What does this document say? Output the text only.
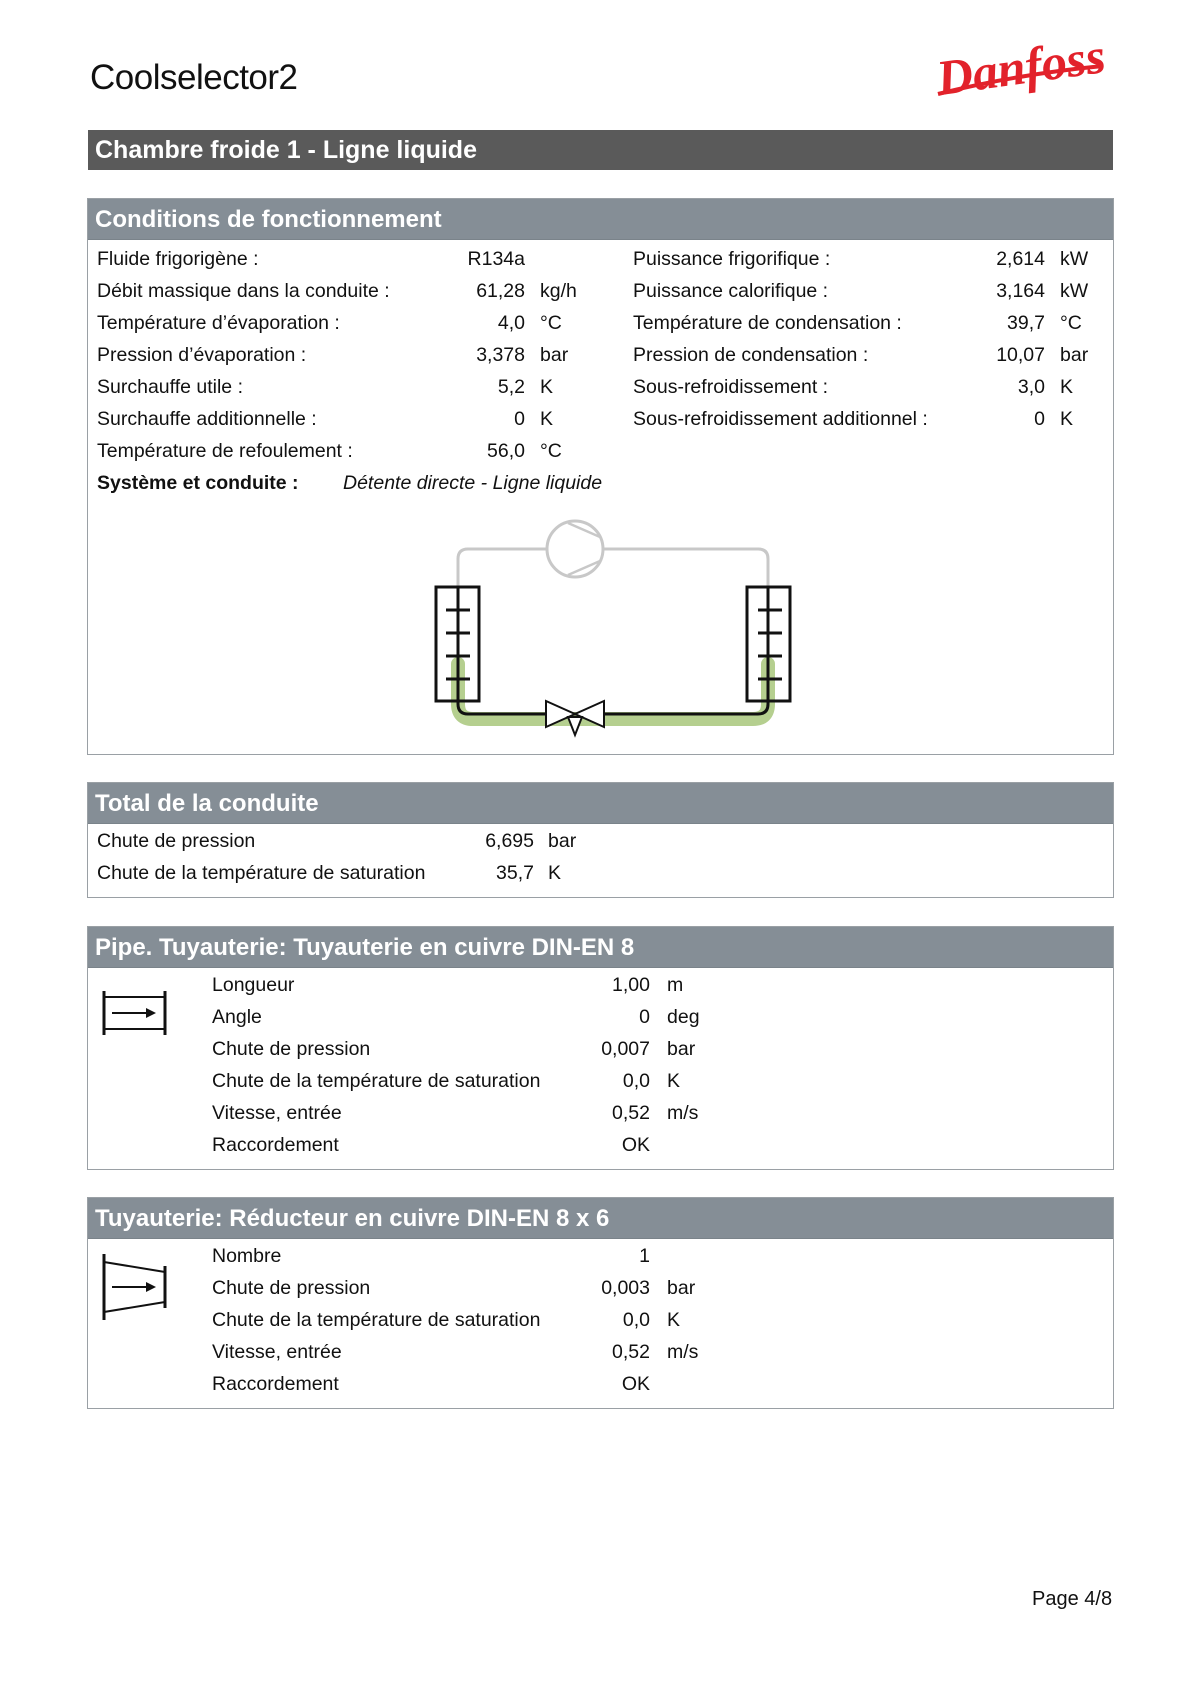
Coolselector2	Danfoss
Chambre froide 1 - Ligne liquide
Conditions de fonctionnement
Fluide frigorigène :	R134a
Débit massique dans la conduite :	61,28 kg/h
Température d’évaporation :	4,0 °C
Pression d’évaporation :	3,378 bar
Surchauffe utile :	5,2 K
Surchauffe additionnelle :	0 K
Température de refoulement :	56,0 °C
Puissance frigorifique :	2,614 kW
Puissance calorifique :	3,164 kW
Température de condensation :	39,7 °C
Pression de condensation :	10,07 bar
Sous-refroidissement :	3,0 K
Sous-refroidissement additionnel :	0 K
Système et conduite : Détente directe - Ligne liquide
Total de la conduite
Chute de pression	6,695 bar
Chute de la température de saturation	35,7 K
Pipe. Tuyauterie: Tuyauterie en cuivre DIN-EN 8
Longueur	1,00 m
Angle	0 deg
Chute de pression	0,007 bar
Chute de la température de saturation	0,0 K
Vitesse, entrée	0,52 m/s
Raccordement	OK
Tuyauterie: Réducteur en cuivre DIN-EN 8 x 6
Nombre	1
Chute de pression	0,003 bar
Chute de la température de saturation	0,0 K
Vitesse, entrée	0,52 m/s
Raccordement	OK
Page 4/8
